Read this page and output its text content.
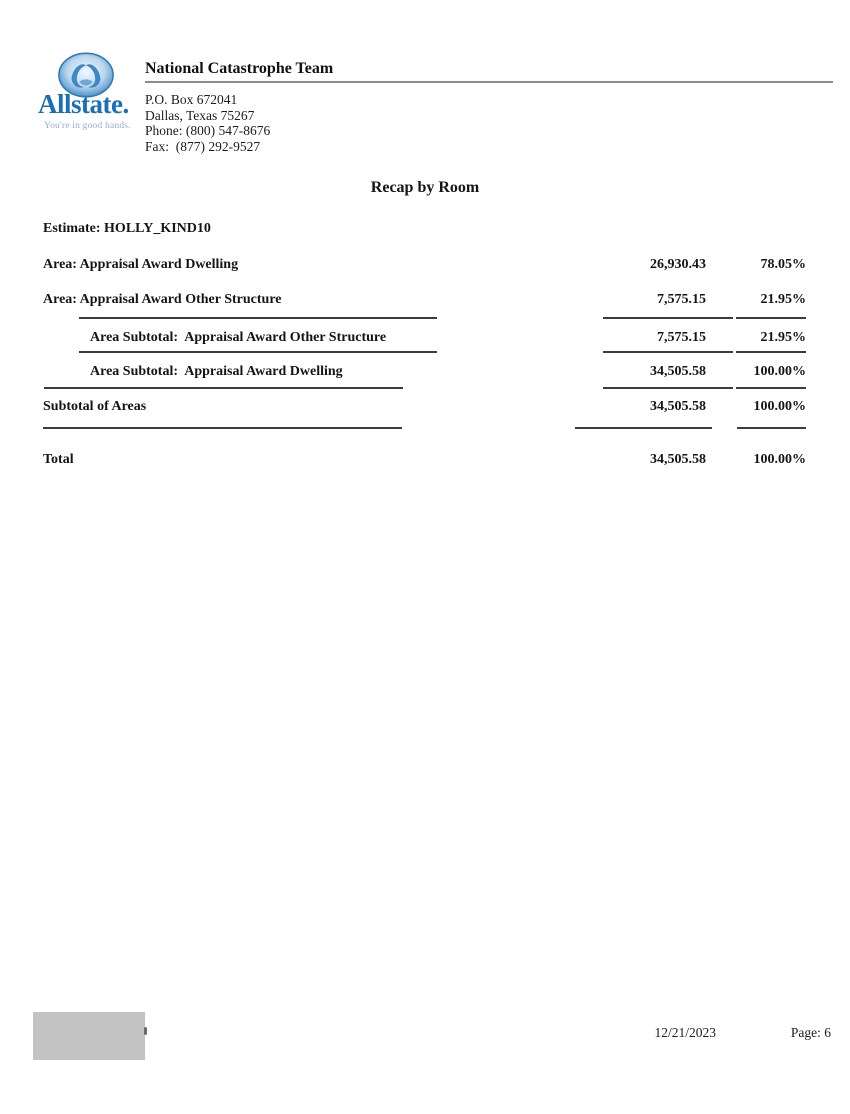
Allstate.
You're in good hands.
National Catastrophe Team
P.O. Box 672041
Dallas, Texas 75267
Phone: (800) 547-8676
Fax:  (877) 292-9527
Recap by Room
Estimate: HOLLY_KIND10
Area: Appraisal Award Dwelling	26,930.43	78.05%
Area: Appraisal Award Other Structure	7,575.15	21.95%
Area Subtotal:  Appraisal Award Other Structure	7,575.15	21.95%
Area Subtotal:  Appraisal Award Dwelling	34,505.58	100.00%
Subtotal of Areas	34,505.58	100.00%
Total	34,505.58	100.00%
12/21/2023	Page: 6
